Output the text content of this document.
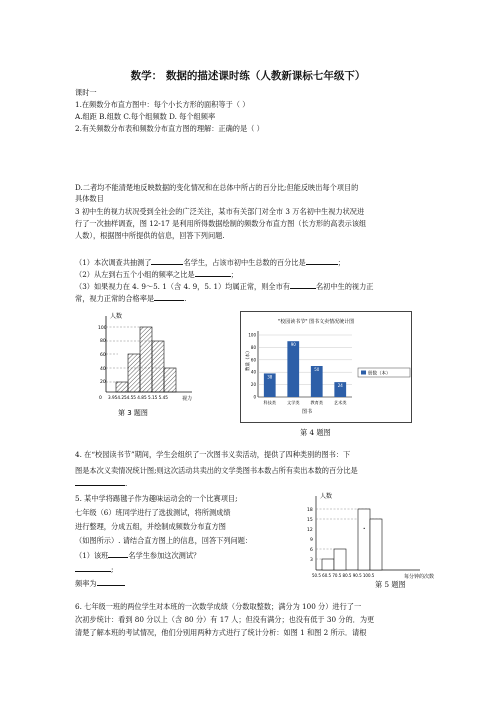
数学： 数据的描述课时练（人教新课标七年级下）
课时一
1.在频数分布直方图中：每个小长方形的面积等于（ ）
A.组距 B.组数 C.每个组频数 D. 每个组频率
2.有关频数分布表和频数分布直方图的理解：正确的是（ ）
D.二者均不能清楚地反映数据的变化情况和在总体中所占的百分比;但能反映出每个项目的
具体数目
3 初中生的视力状况受到全社会的广泛关注，某市有关部门对全市 3 万名初中生视力状况进
行了一次抽样调查，图 12-17 是利用所得数据绘制的频数分布直方图（长方形的高表示该组
人数），根据图中所提供的信息，回答下列问题.
（1）本次调查共抽测了	名学生，占该市初中生总数的百分比是	；
（2）从左到右五个小组的频率之比是	；
（3）如果视力在 4. 9～5. 1（含 4. 9，5. 1）均属正常，则全市有	名初中生的视力正
常，视力正常的合格率是	.
人数
100
80
60
40
20
0 3.954.254.55 4.85 5.15 5.45	视力
第 3 题图
"校园读书节" 图书文卖情况统计图
数量（本）
100
80
60
40
20
0
38
科技类
90
文学类
50
教育类
24
艺术类
图书
册数（本）
第 4 题图
4. 在“校园读书节”期间，学生会组织了一次图书义卖活动，提供了四种类别的图书：下
图是本次义卖情况统计图;则这次活动共卖出的文学类图书本数占所有卖出本数的百分比是
.
5. 某中学将踢毽子作为趣味运动会的一个比赛项目;
七年级（6）班同学进行了选拔测试，将所测成绩
进行整理，分成五组，并绘制成频数分布直方图
（如图所示）. 请结合直方图上的信息，回答下列问题：
（1）该班	名学生参加这次测试？
;
频率为
人数
18
15
12
9
6
3
•
50.5 60.5 70.5 80.5 90.5 100.5	每分钟的次数
第 5 题图
6. 七年级一班的两位学生对本班的一次数学成绩（分数取整数；满分为 100 分）进行了一
次初步统计：看到 80 分以上（含 80 分）有 17 人；但没有满分；也没有低于 30 分的．为更
清楚了解本班的考试情况，他们分别用两种方式进行了统计分析：如图 1 和图 2 所示．请根
